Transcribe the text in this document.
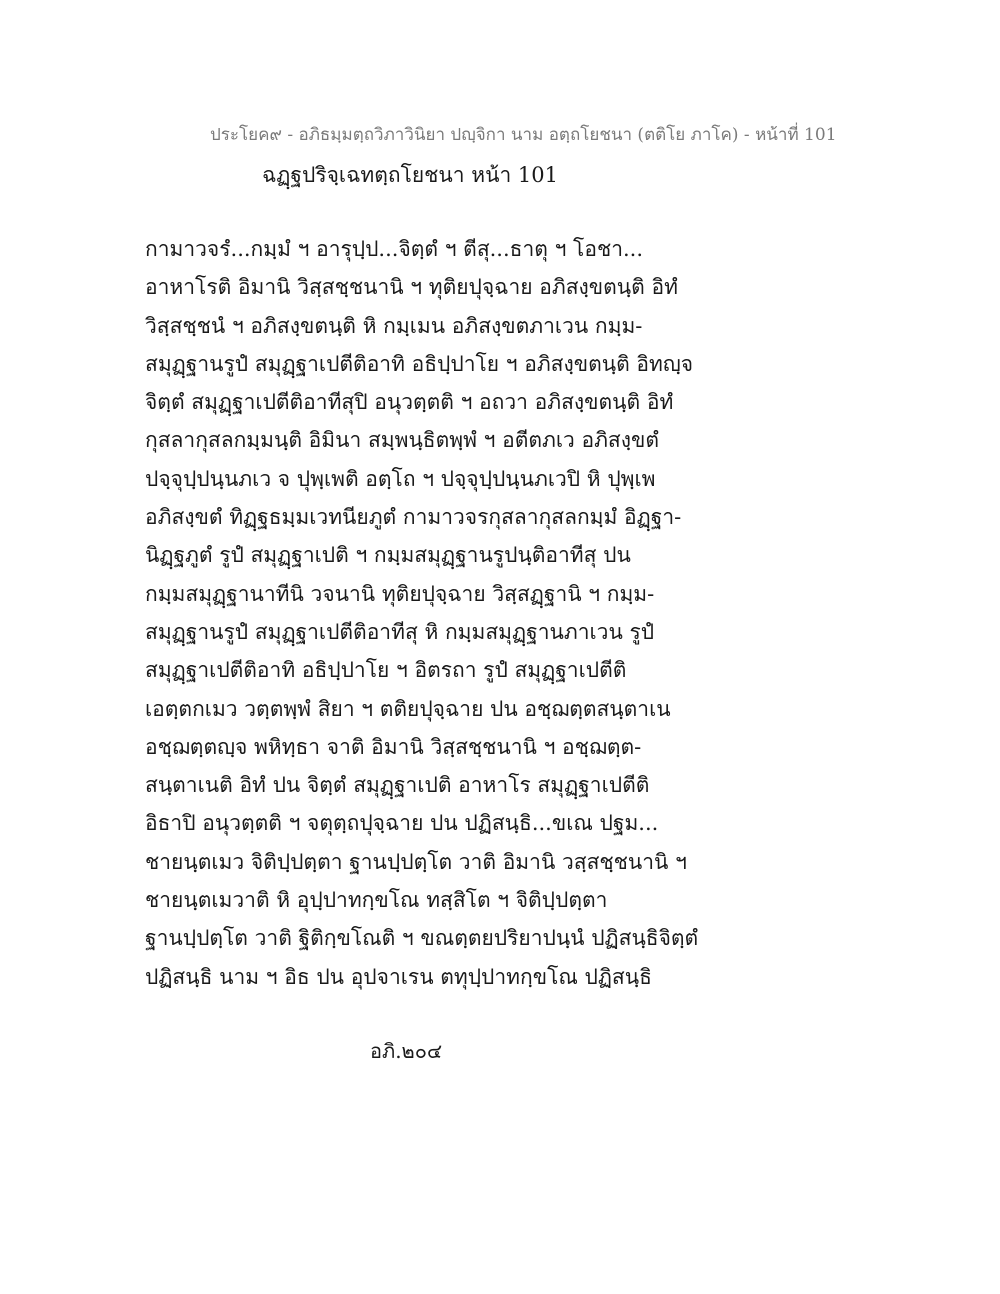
ประโยค๙ - อภิธมฺมตฺถวิภาวินิยา ปญฺจิกา นาม อตฺถโยชนา (ตติโย ภาโค) - หน้าที่ 101
ฉฏฺฐปริจฺเฉทตฺถโยชนา หน้า 101
กามาวจรํ...กมฺมํ ฯ อารุปฺป...จิตฺตํ ฯ ตีสุ...ธาตุ ฯ โอชา...
อาหาโรติ อิมานิ วิสฺสชฺชนานิ ฯ ทุติยปุจฺฉาย อภิสงฺขตนฺติ อิทํ
วิสฺสชฺชนํ ฯ อภิสงฺขตนฺติ หิ กมฺเมน อภิสงฺขตภาเวน กมฺม-
สมุฏฺฐานรูปํ สมุฏฺฐาเปตีติอาทิ อธิปฺปาโย ฯ อภิสงฺขตนฺติ อิทญฺจ
จิตฺตํ สมุฏฺฐาเปตีติอาทีสุปิ อนุวตฺตติ ฯ อถวา อภิสงฺขตนฺติ อิทํ
กุสลากุสลกมฺมนฺติ อิมินา สมฺพนฺธิตพฺพํ ฯ อตีตภเว อภิสงฺขตํ
ปจฺจุปฺปนฺนภเว จ ปุพฺเพติ อตฺโถ ฯ ปจฺจุปฺปนฺนภเวปิ หิ ปุพฺเพ
อภิสงฺขตํ ทิฏฺฐธมฺมเวทนียภูตํ กามาวจรกุสลากุสลกมฺมํ อิฏฺฐา-
นิฏฺฐภูตํ รูปํ สมุฏฺฐาเปติ ฯ กมฺมสมุฏฺฐานรูปนฺติอาทีสุ ปน
กมฺมสมุฏฺฐานาทีนิ วจนานิ ทุติยปุจฺฉาย วิสฺสฏฺฐานิ ฯ กมฺม-
สมุฏฺฐานรูปํ สมุฏฺฐาเปตีติอาทีสุ หิ กมฺมสมุฏฺฐานภาเวน รูปํ
สมุฏฺฐาเปตีติอาทิ อธิปฺปาโย ฯ อิตรถา รูปํ สมุฏฺฐาเปตีติ
เอตฺตกเมว วตฺตพฺพํ สิยา ฯ ตติยปุจฺฉาย ปน อชฺฌตฺตสนฺตาเน
อชฺฌตฺตญฺจ พหิทฺธา จาติ อิมานิ วิสฺสชฺชนานิ ฯ อชฺฌตฺต-
สนฺตาเนติ อิทํ ปน จิตฺตํ สมุฏฺฐาเปติ อาหาโร สมุฏฺฐาเปตีติ
อิธาปิ อนุวตฺตติ ฯ จตุตฺถปุจฺฉาย ปน ปฏิสนฺธิ...ขเณ ปฐม...
ชายนฺตเมว จิติปฺปตฺตา ฐานปฺปตฺโต วาติ อิมานิ วสฺสชฺชนานิ ฯ
ชายนฺตเมวาติ หิ อุปฺปาทกฺขโณ ทสฺสิโต ฯ จิติปฺปตฺตา
ฐานปฺปตฺโต วาติ ฐิติกฺขโณติ ฯ ขณตฺตยปริยาปนฺนํ ปฏิสนฺธิจิตฺตํ
ปฏิสนฺธิ นาม ฯ อิธ ปน อุปจาเรน ตทุปฺปาทกฺขโณ ปฏิสนฺธิ
อภิ.๒๐๔
